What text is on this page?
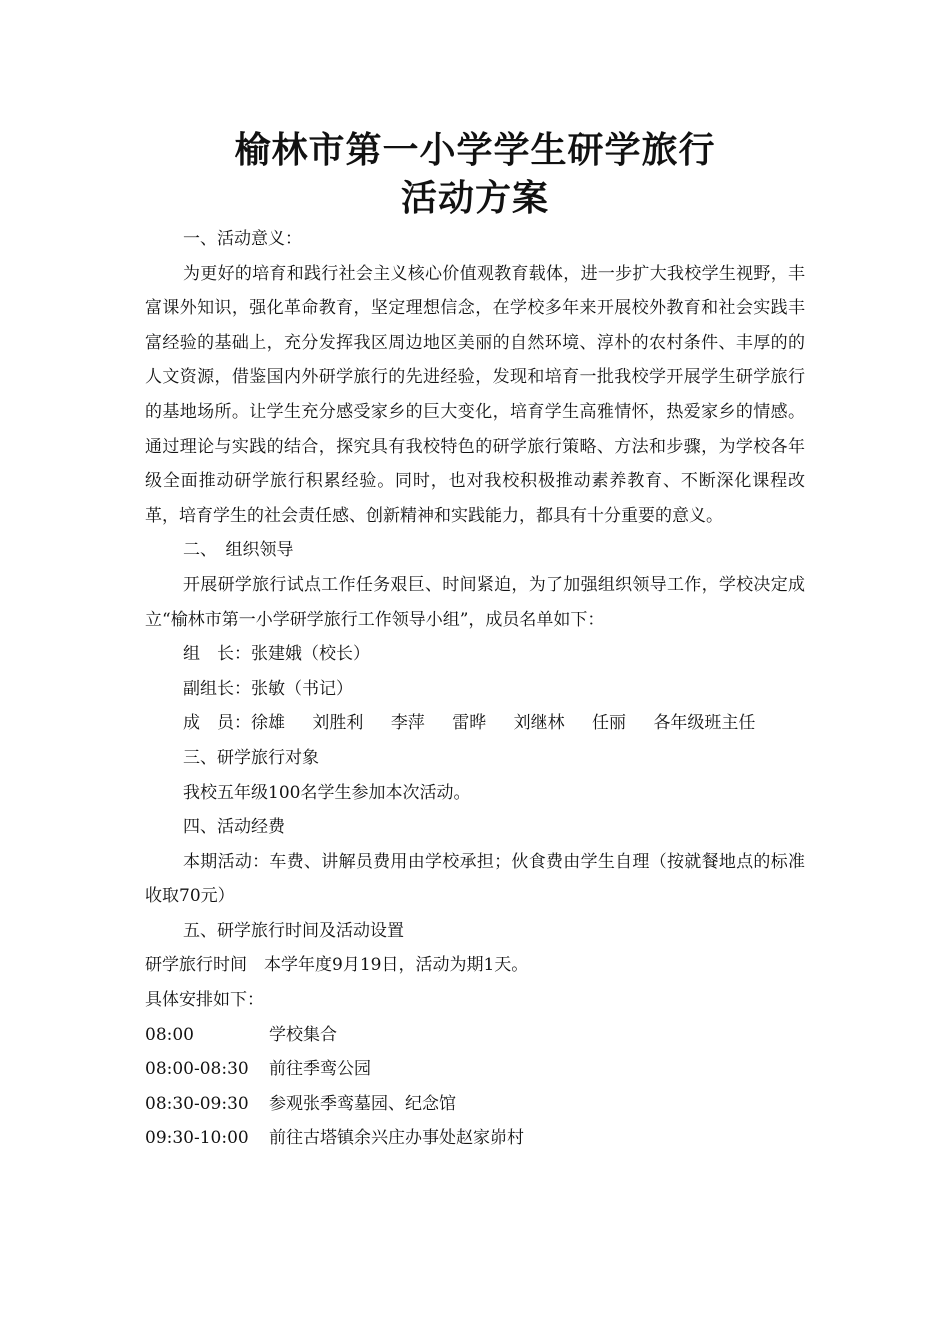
榆林市第一小学学生研学旅行
活动方案
一、活动意义：

为更好的培育和践行社会主义核心价值观教育载体，进一步扩大我校学生视野，丰富课外知识，强化革命教育，坚定理想信念，在学校多年来开展校外教育和社会实践丰富经验的基础上，充分发挥我区周边地区美丽的自然环境、淳朴的农村条件、丰厚的的人文资源，借鉴国内外研学旅行的先进经验，发现和培育一批我校学开展学生研学旅行的基地场所。让学生充分感受家乡的巨大变化，培育学生高雅情怀，热爱家乡的情感。通过理论与实践的结合，探究具有我校特色的研学旅行策略、方法和步骤，为学校各年级全面推动研学旅行积累经验。同时，也对我校积极推动素养教育、不断深化课程改革，培育学生的社会责任感、创新精神和实践能力，都具有十分重要的意义。

二、　组织领导

开展研学旅行试点工作任务艰巨、时间紧迫，为了加强组织领导工作，学校决定成立“榆林市第一小学研学旅行工作领导小组”，成员名单如下：

组　长：张建娥（校长）
副组长：张敏（书记）
成　员：徐雄 刘胜利 李萍 雷晔 刘继林 任丽 各年级班主任
三、研学旅行对象
我校五年级100名学生参加本次活动。
四、活动经费

本期活动：车费、讲解员费用由学校承担；伙食费由学生自理（按就餐地点的标准收取70元）

五、研学旅行时间及活动设置
研学旅行时间　本学年度9月19日，活动为期1天。
具体安排如下：
08:00	学校集合
08:00-08:30	前往季鸾公园
08:30-09:30	参观张季鸾墓园、纪念馆
09:30-10:00	前往古塔镇余兴庄办事处赵家峁村
